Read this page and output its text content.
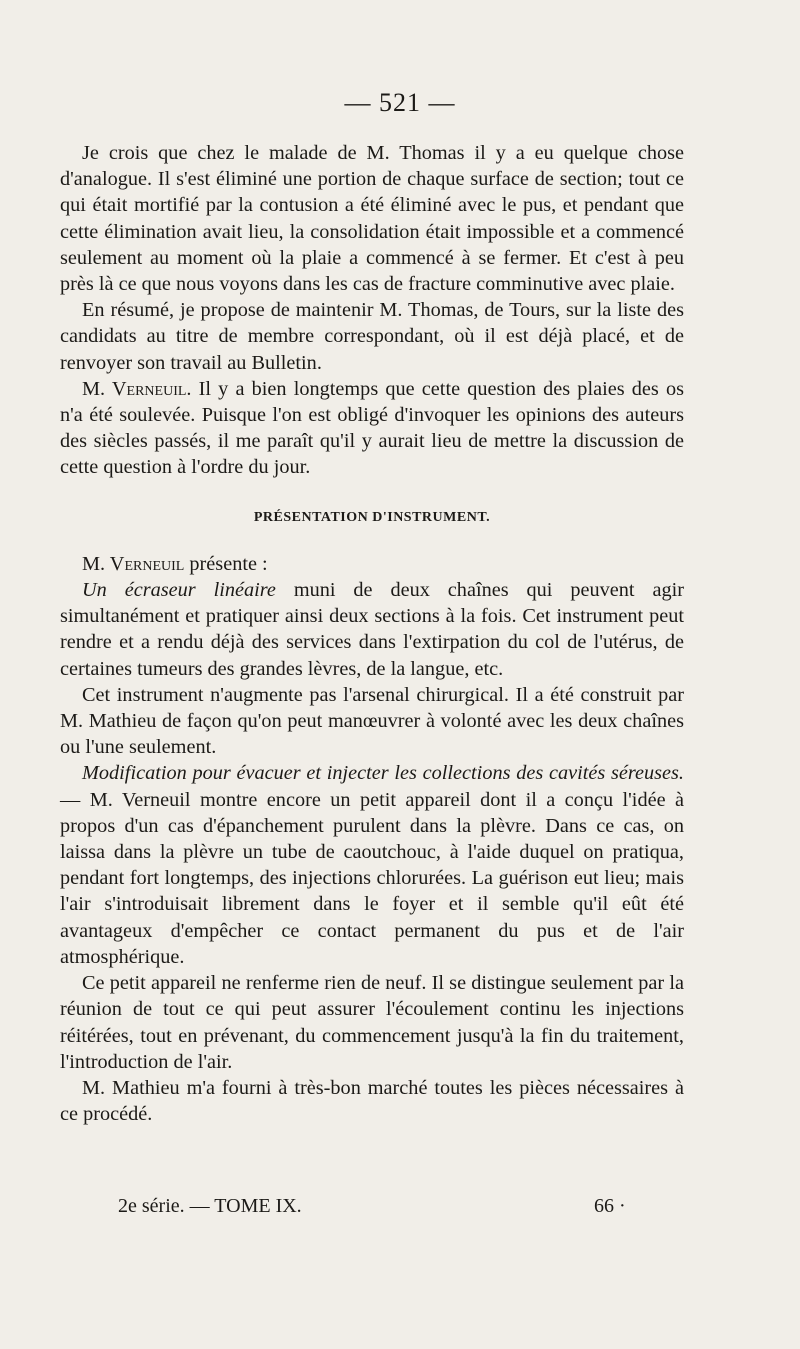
— 521 —

Je crois que chez le malade de M. Thomas il y a eu quelque chose d'analogue. Il s'est éliminé une portion de chaque surface de section; tout ce qui était mortifié par la contusion a été éliminé avec le pus, et pendant que cette élimination avait lieu, la consolidation était impossible et a commencé seulement au moment où la plaie a commencé à se fermer. Et c'est à peu près là ce que nous voyons dans les cas de fracture comminutive avec plaie.

En résumé, je propose de maintenir M. Thomas, de Tours, sur la liste des candidats au titre de membre correspondant, où il est déjà placé, et de renvoyer son travail au Bulletin.

M. Verneuil. Il y a bien longtemps que cette question des plaies des os n'a été soulevée. Puisque l'on est obligé d'invoquer les opinions des auteurs des siècles passés, il me paraît qu'il y aurait lieu de mettre la discussion de cette question à l'ordre du jour.

PRÉSENTATION D'INSTRUMENT.

M. Verneuil présente :

Un écraseur linéaire muni de deux chaînes qui peuvent agir simultanément et pratiquer ainsi deux sections à la fois. Cet instrument peut rendre et a rendu déjà des services dans l'extirpation du col de l'utérus, de certaines tumeurs des grandes lèvres, de la langue, etc.

Cet instrument n'augmente pas l'arsenal chirurgical. Il a été construit par M. Mathieu de façon qu'on peut manœuvrer à volonté avec les deux chaînes ou l'une seulement.

Modification pour évacuer et injecter les collections des cavités séreuses. — M. Verneuil montre encore un petit appareil dont il a conçu l'idée à propos d'un cas d'épanchement purulent dans la plèvre. Dans ce cas, on laissa dans la plèvre un tube de caoutchouc, à l'aide duquel on pratiqua, pendant fort longtemps, des injections chlorurées. La guérison eut lieu; mais l'air s'introduisait librement dans le foyer et il semble qu'il eût été avantageux d'empêcher ce contact permanent du pus et de l'air atmosphérique.

Ce petit appareil ne renferme rien de neuf. Il se distingue seulement par la réunion de tout ce qui peut assurer l'écoulement continu les injections réitérées, tout en prévenant, du commencement jusqu'à la fin du traitement, l'introduction de l'air.

M. Mathieu m'a fourni à très-bon marché toutes les pièces nécessaires à ce procédé.

2e série. — TOME IX.	66 ·
